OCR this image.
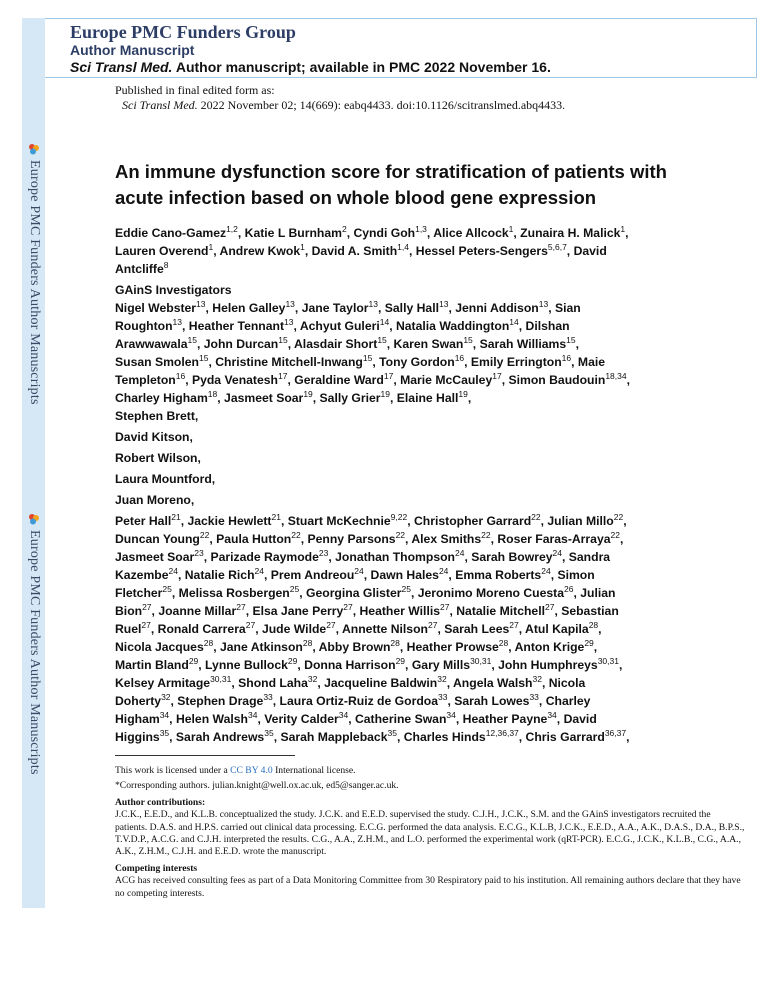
Europe PMC Funders Author Manuscripts
Europe PMC Funders Author Manuscripts
Europe PMC Funders Group
Author Manuscript
Sci Transl Med. Author manuscript; available in PMC 2022 November 16.
Published in final edited form as:
Sci Transl Med. 2022 November 02; 14(669): eabq4433. doi:10.1126/scitranslmed.abq4433.
An immune dysfunction score for stratification of patients with
acute infection based on whole blood gene expression
Eddie Cano-Gamez$^{1,2}$, Katie L Burnham$^2$, Cyndi Goh$^{1,3}$, Alice Allcock$^1$, Zunaira H. Malick$^1$,
Lauren Overend$^1$, Andrew Kwok$^1$, David A. Smith$^{1,4}$, Hessel Peters-Sengers$^{5,6,7}$, David
Antcliffe$^8$
GAinS Investigators
Nigel Webster$^{13}$, Helen Galley$^{13}$, Jane Taylor$^{13}$, Sally Hall$^{13}$, Jenni Addison$^{13}$, Sian
Roughton$^{13}$, Heather Tennant$^{13}$, Achyut Guleri$^{14}$, Natalia Waddington$^{14}$, Dilshan
Arawwawala$^{15}$, John Durcan$^{15}$, Alasdair Short$^{15}$, Karen Swan$^{15}$, Sarah Williams$^{15}$,
Susan Smolen$^{15}$, Christine Mitchell-Inwang$^{15}$, Tony Gordon$^{16}$, Emily Errington$^{16}$, Maie
Templeton$^{16}$, Pyda Venatesh$^{17}$, Geraldine Ward$^{17}$, Marie McCauley$^{17}$, Simon Baudouin$^{18,34}$,
Charley Higham$^{18}$, Jasmeet Soar$^{19}$, Sally Grier$^{19}$, Elaine Hall$^{19}$,
Stephen Brett,
David Kitson,
Robert Wilson,
Laura Mountford,
Juan Moreno,
Peter Hall$^{21}$, Jackie Hewlett$^{21}$, Stuart McKechnie$^{9,22}$, Christopher Garrard$^{22}$, Julian Millo$^{22}$,
Duncan Young$^{22}$, Paula Hutton$^{22}$, Penny Parsons$^{22}$, Alex Smiths$^{22}$, Roser Faras-Arraya$^{22}$,
Jasmeet Soar$^{23}$, Parizade Raymode$^{23}$, Jonathan Thompson$^{24}$, Sarah Bowrey$^{24}$, Sandra
Kazembe$^{24}$, Natalie Rich$^{24}$, Prem Andreou$^{24}$, Dawn Hales$^{24}$, Emma Roberts$^{24}$, Simon
Fletcher$^{25}$, Melissa Rosbergen$^{25}$, Georgina Glister$^{25}$, Jeronimo Moreno Cuesta$^{26}$, Julian
Bion$^{27}$, Joanne Millar$^{27}$, Elsa Jane Perry$^{27}$, Heather Willis$^{27}$, Natalie Mitchell$^{27}$, Sebastian
Ruel$^{27}$, Ronald Carrera$^{27}$, Jude Wilde$^{27}$, Annette Nilson$^{27}$, Sarah Lees$^{27}$, Atul Kapila$^{28}$,
Nicola Jacques$^{28}$, Jane Atkinson$^{28}$, Abby Brown$^{28}$, Heather Prowse$^{28}$, Anton Krige$^{29}$,
Martin Bland$^{29}$, Lynne Bullock$^{29}$, Donna Harrison$^{29}$, Gary Mills$^{30,31}$, John Humphreys$^{30,31}$,
Kelsey Armitage$^{30,31}$, Shond Laha$^{32}$, Jacqueline Baldwin$^{32}$, Angela Walsh$^{32}$, Nicola
Doherty$^{32}$, Stephen Drage$^{33}$, Laura Ortiz-Ruiz de Gordoa$^{33}$, Sarah Lowes$^{33}$, Charley
Higham$^{34}$, Helen Walsh$^{34}$, Verity Calder$^{34}$, Catherine Swan$^{34}$, Heather Payne$^{34}$, David
Higgins$^{35}$, Sarah Andrews$^{35}$, Sarah Mappleback$^{35}$, Charles Hinds$^{12,36,37}$, Chris Garrard$^{36,37}$,

This work is licensed under a CC BY 4.0 International license.

*Corresponding authors. julian.knight@well.ox.ac.uk, ed5@sanger.ac.uk.

Author contributions:

J.C.K., E.E.D., and K.L.B. conceptualized the study. J.C.K. and E.E.D. supervised the study. C.J.H., J.C.K., S.M. and the GAinS investigators recruited the patients. D.A.S. and H.P.S. carried out clinical data processing. E.C.G. performed the data analysis. E.C.G., K.L.B, J.C.K., E.E.D., A.A., A.K., D.A.S., D.A., B.P.S., T.V.D.P., A.C.G. and C.J.H. interpreted the results. C.G., A.A., Z.H.M., and L.O. performed the experimental work (qRT-PCR). E.C.G., J.C.K., K.L.B., C.G., A.A., A.K., Z.H.M., C.J.H. and E.E.D. wrote the manuscript.

Competing interests

ACG has received consulting fees as part of a Data Monitoring Committee from 30 Respiratory paid to his institution. All remaining authors declare that they have no competing interests.
